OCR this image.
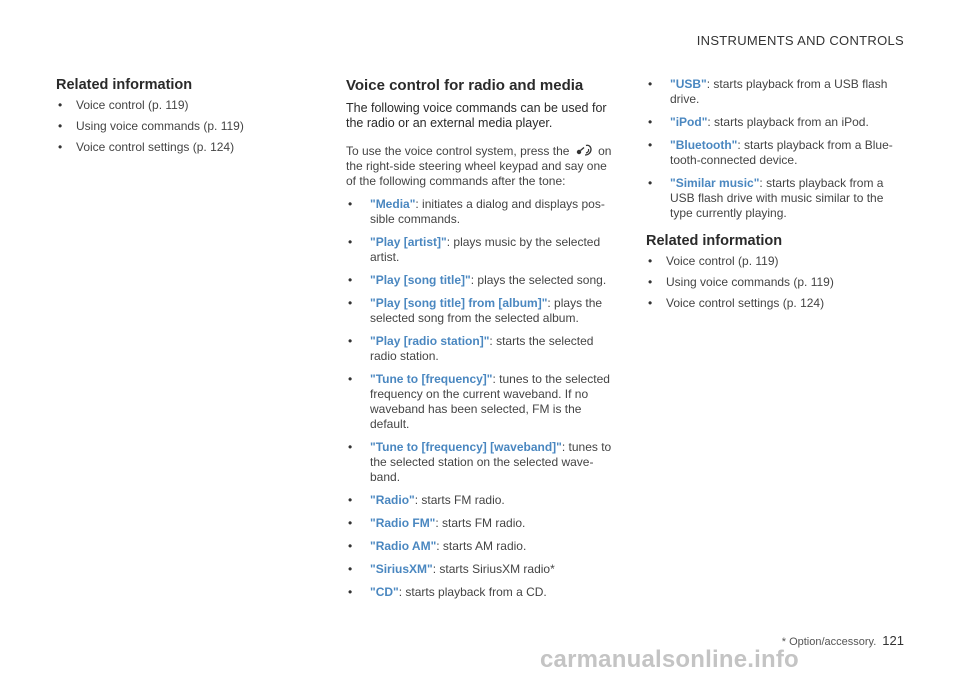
INSTRUMENTS AND CONTROLS
Related information
• Voice control (p. 119)
• Using voice commands (p. 119)
• Voice control settings (p. 124)
Voice control for radio and media

The following voice commands can be used for the radio or an external media player.

To use the voice control system, press the on the right-side steering wheel keypad and say one of the following commands after the tone:

• "Media": initiates a dialog and displays pos-sible commands.
• "Play [artist]": plays music by the selected artist.
• "Play [song title]": plays the selected song.
• "Play [song title] from [album]": plays the selected song from the selected album.
• "Play [radio station]": starts the selected radio station.
• "Tune to [frequency]": tunes to the selected frequency on the current waveband. If no waveband has been selected, FM is the default.
• "Tune to [frequency] [waveband]": tunes to the selected station on the selected wave-band.
• "Radio": starts FM radio.
• "Radio FM": starts FM radio.
• "Radio AM": starts AM radio.
• "SiriusXM": starts SiriusXM radio*
• "CD": starts playback from a CD.
• "USB": starts playback from a USB flash drive.
• "iPod": starts playback from an iPod.
• "Bluetooth": starts playback from a Blue-tooth-connected device.
• "Similar music": starts playback from a USB flash drive with music similar to the type currently playing.
Related information
• Voice control (p. 119)
• Using voice commands (p. 119)
• Voice control settings (p. 124)
* Option/accessory. 121
carmanualsonline.info
